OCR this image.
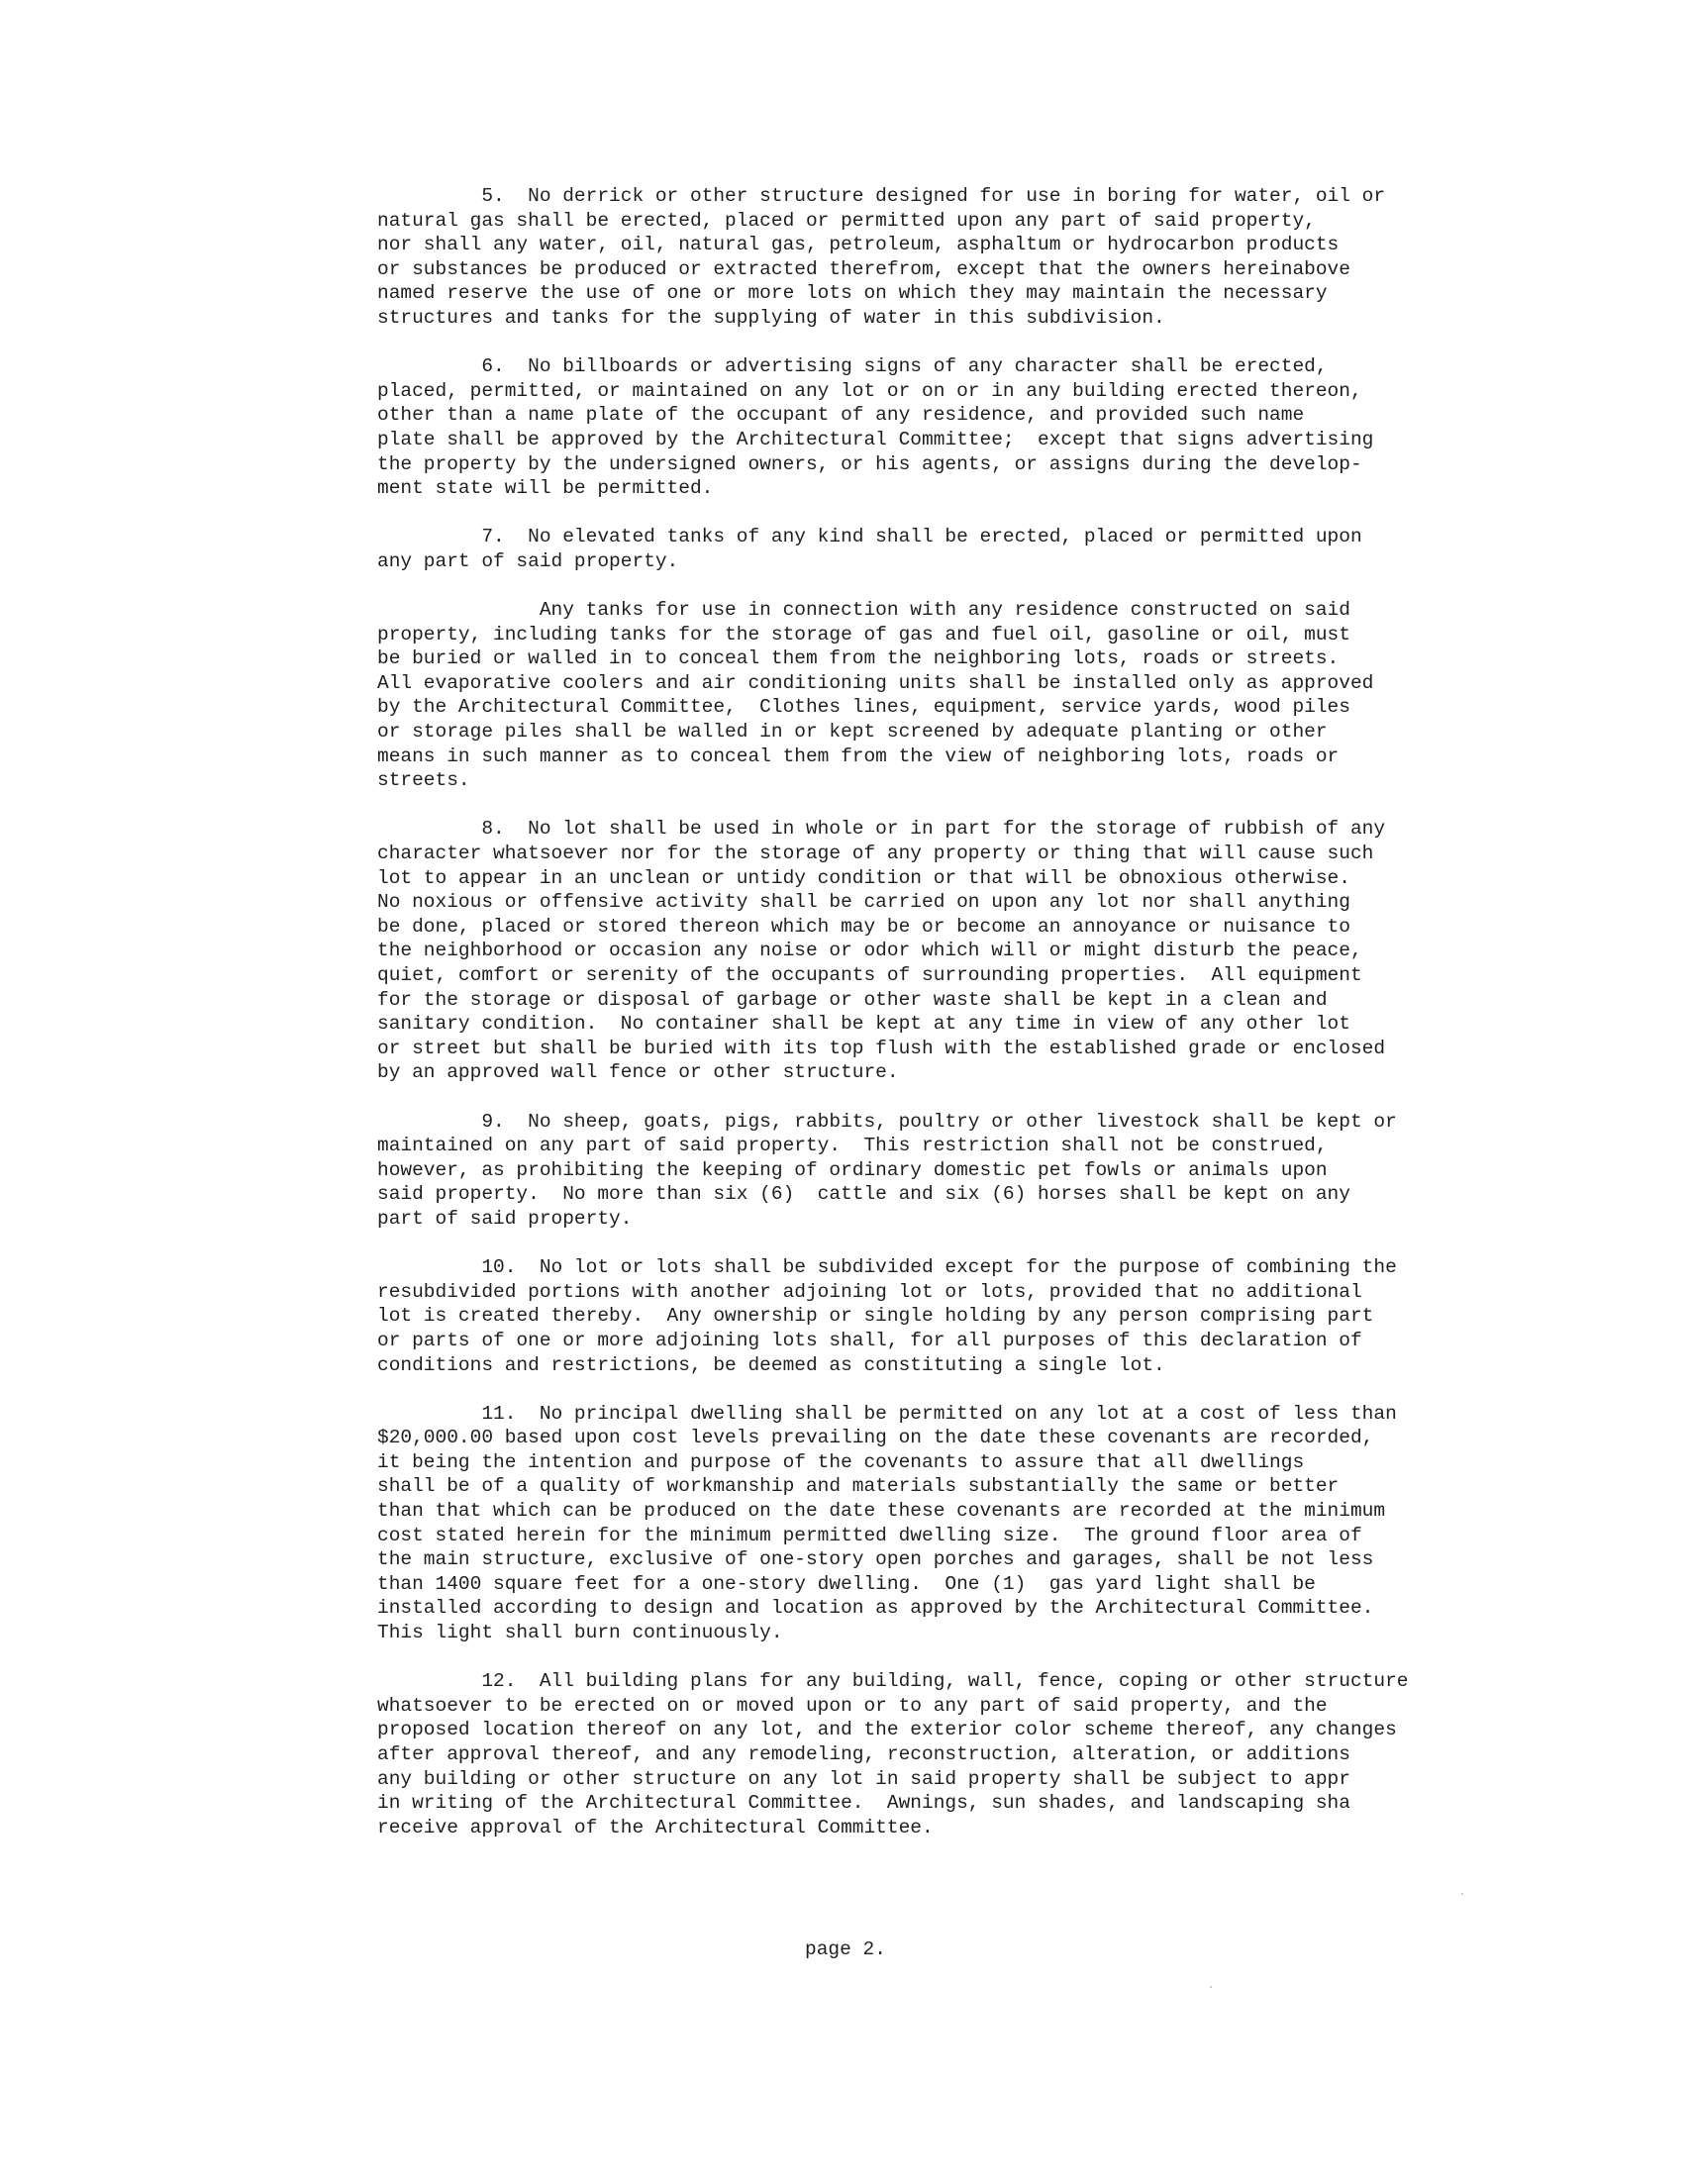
5.  No derrick or other structure designed for use in boring for water, oil or
natural gas shall be erected, placed or permitted upon any part of said property,
nor shall any water, oil, natural gas, petroleum, asphaltum or hydrocarbon products
or substances be produced or extracted therefrom, except that the owners hereinabove
named reserve the use of one or more lots on which they may maintain the necessary
structures and tanks for the supplying of water in this subdivision.
6.  No billboards or advertising signs of any character shall be erected,
placed, permitted, or maintained on any lot or on or in any building erected thereon,
other than a name plate of the occupant of any residence, and provided such name
plate shall be approved by the Architectural Committee;  except that signs advertising
the property by the undersigned owners, or his agents, or assigns during the develop-
ment state will be permitted.
7.  No elevated tanks of any kind shall be erected, placed or permitted upon
any part of said property.
Any tanks for use in connection with any residence constructed on said
property, including tanks for the storage of gas and fuel oil, gasoline or oil, must
be buried or walled in to conceal them from the neighboring lots, roads or streets.
All evaporative coolers and air conditioning units shall be installed only as approved
by the Architectural Committee,  Clothes lines, equipment, service yards, wood piles
or storage piles shall be walled in or kept screened by adequate planting or other
means in such manner as to conceal them from the view of neighboring lots, roads or
streets.
8.  No lot shall be used in whole or in part for the storage of rubbish of any
character whatsoever nor for the storage of any property or thing that will cause such
lot to appear in an unclean or untidy condition or that will be obnoxious otherwise.
No noxious or offensive activity shall be carried on upon any lot nor shall anything
be done, placed or stored thereon which may be or become an annoyance or nuisance to
the neighborhood or occasion any noise or odor which will or might disturb the peace,
quiet, comfort or serenity of the occupants of surrounding properties.  All equipment
for the storage or disposal of garbage or other waste shall be kept in a clean and
sanitary condition.  No container shall be kept at any time in view of any other lot
or street but shall be buried with its top flush with the established grade or enclosed
by an approved wall fence or other structure.
9.  No sheep, goats, pigs, rabbits, poultry or other livestock shall be kept or
maintained on any part of said property.  This restriction shall not be construed,
however, as prohibiting the keeping of ordinary domestic pet fowls or animals upon
said property.  No more than six (6)  cattle and six (6) horses shall be kept on any
part of said property.
10.  No lot or lots shall be subdivided except for the purpose of combining the
resubdivided portions with another adjoining lot or lots, provided that no additional
lot is created thereby.  Any ownership or single holding by any person comprising part
or parts of one or more adjoining lots shall, for all purposes of this declaration of
conditions and restrictions, be deemed as constituting a single lot.
11.  No principal dwelling shall be permitted on any lot at a cost of less than
$20,000.00 based upon cost levels prevailing on the date these covenants are recorded,
it being the intention and purpose of the covenants to assure that all dwellings
shall be of a quality of workmanship and materials substantially the same or better
than that which can be produced on the date these covenants are recorded at the minimum
cost stated herein for the minimum permitted dwelling size.  The ground floor area of
the main structure, exclusive of one-story open porches and garages, shall be not less
than 1400 square feet for a one-story dwelling.  One (1)  gas yard light shall be
installed according to design and location as approved by the Architectural Committee.
This light shall burn continuously.
12.  All building plans for any building, wall, fence, coping or other structure
whatsoever to be erected on or moved upon or to any part of said property, and the
proposed location thereof on any lot, and the exterior color scheme thereof, any changes
after approval thereof, and any remodeling, reconstruction, alteration, or additions
any building or other structure on any lot in said property shall be subject to appr
in writing of the Architectural Committee.  Awnings, sun shades, and landscaping sha
receive approval of the Architectural Committee.
page 2.
